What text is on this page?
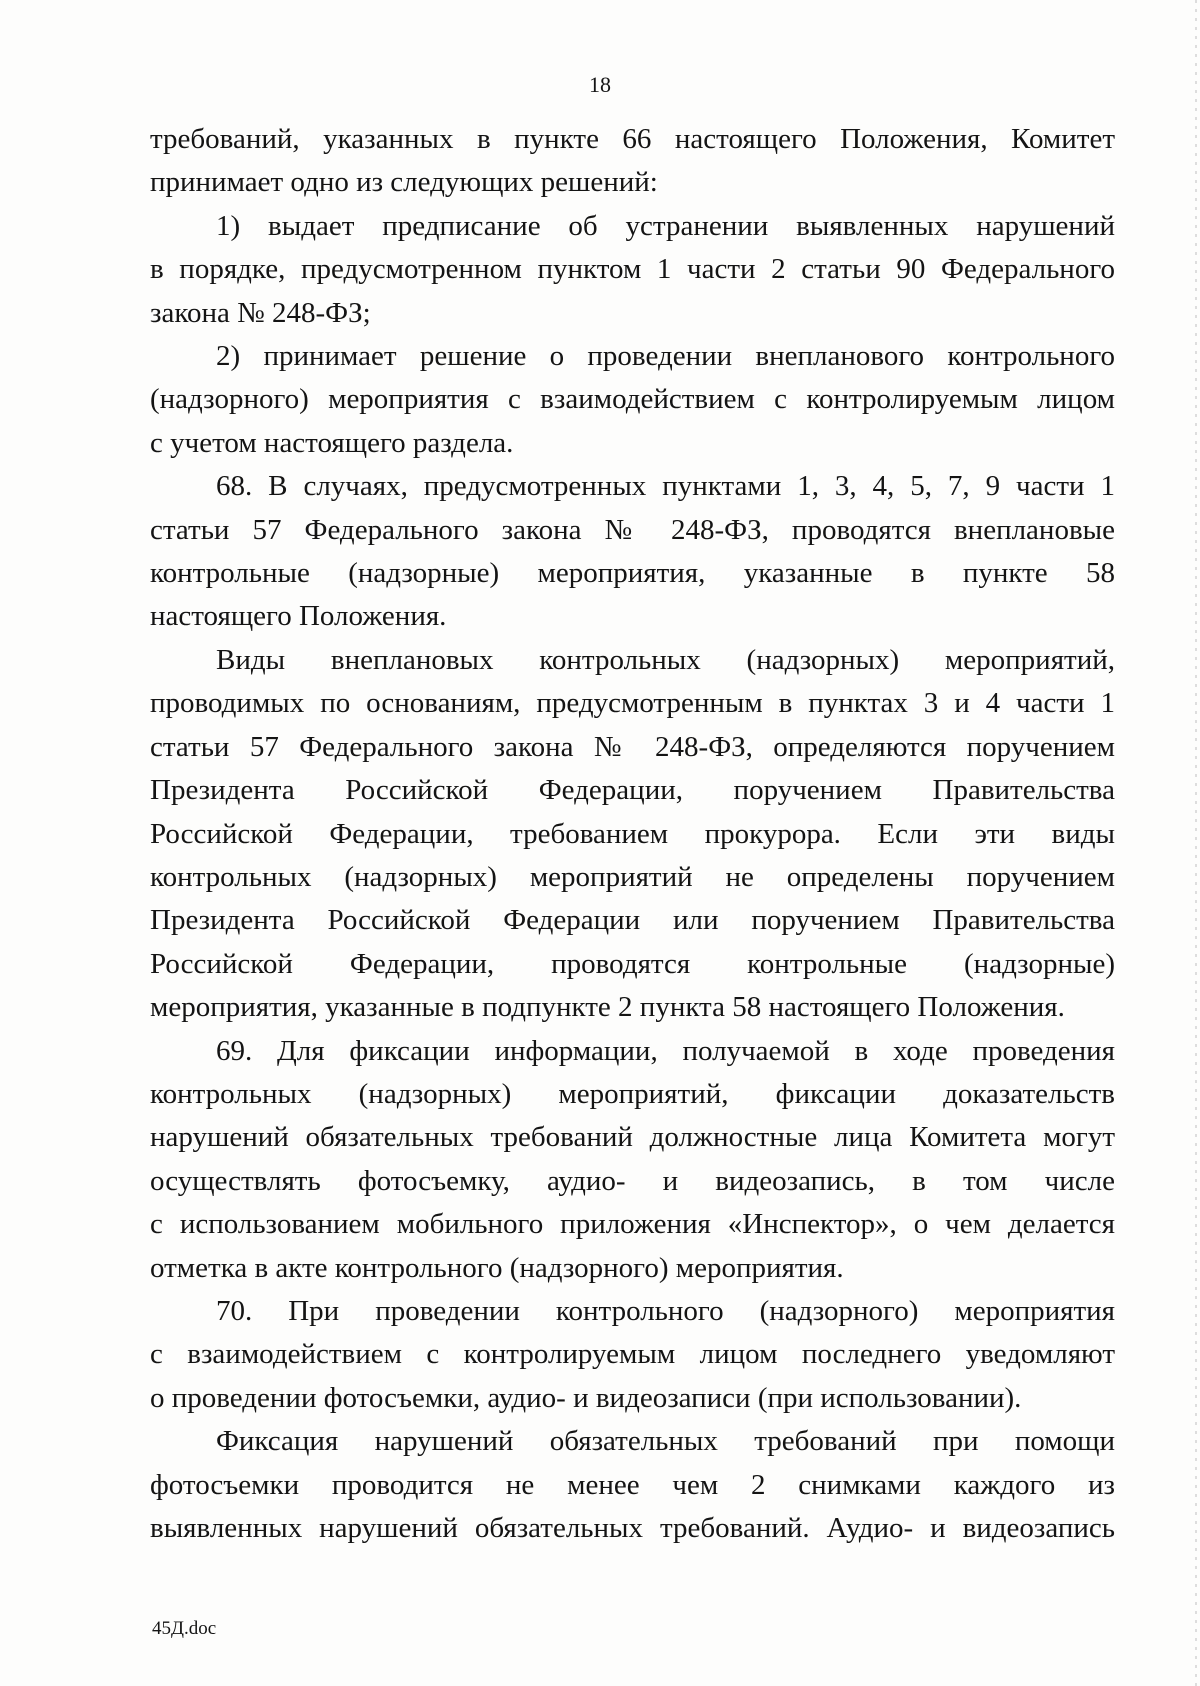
18
требований, указанных в пункте 66 настоящего Положения, Комитет
принимает одно из следующих решений:
1) выдает предписание об устранении выявленных нарушений
в порядке, предусмотренном пунктом 1 части 2 статьи 90 Федерального
закона № 248-ФЗ;
2) принимает решение о проведении внепланового контрольного
(надзорного) мероприятия с взаимодействием с контролируемым лицом
с учетом настоящего раздела.
68. В случаях, предусмотренных пунктами 1, 3, 4, 5, 7, 9 части 1
статьи 57 Федерального закона № 248-ФЗ, проводятся внеплановые
контрольные (надзорные) мероприятия, указанные в пункте 58
настоящего Положения.
Виды внеплановых контрольных (надзорных) мероприятий,
проводимых по основаниям, предусмотренным в пунктах 3 и 4 части 1
статьи 57 Федерального закона № 248-ФЗ, определяются поручением
Президента Российской Федерации, поручением Правительства
Российской Федерации, требованием прокурора. Если эти виды
контрольных (надзорных) мероприятий не определены поручением
Президента Российской Федерации или поручением Правительства
Российской Федерации, проводятся контрольные (надзорные)
мероприятия, указанные в подпункте 2 пункта 58 настоящего Положения.
69. Для фиксации информации, получаемой в ходе проведения
контрольных (надзорных) мероприятий, фиксации доказательств
нарушений обязательных требований должностные лица Комитета могут
осуществлять фотосъемку, аудио- и видеозапись, в том числе
с использованием мобильного приложения «Инспектор», о чем делается
отметка в акте контрольного (надзорного) мероприятия.
70. При проведении контрольного (надзорного) мероприятия
с взаимодействием с контролируемым лицом последнего уведомляют
о проведении фотосъемки, аудио- и видеозаписи (при использовании).
Фиксация нарушений обязательных требований при помощи
фотосъемки проводится не менее чем 2 снимками каждого из
выявленных нарушений обязательных требований. Аудио- и видеозапись
45Д.doc
